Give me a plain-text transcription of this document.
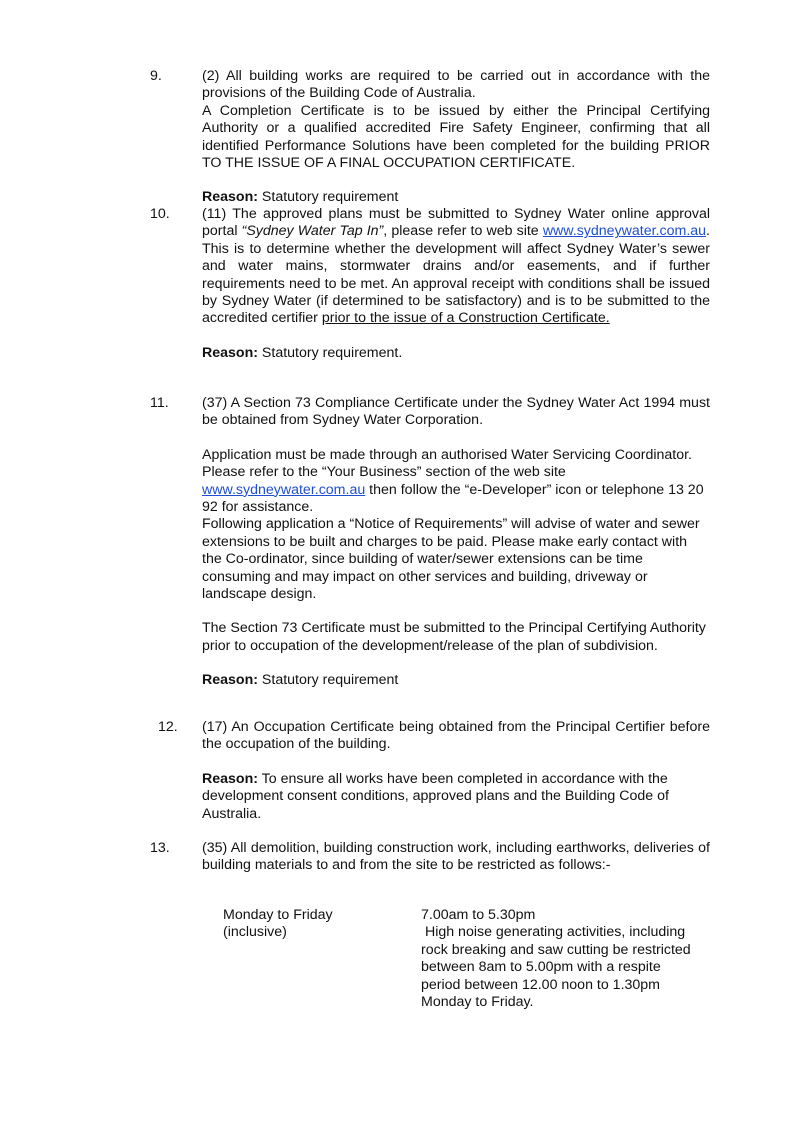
9.	(2) All building works are required to be carried out in accordance with the provisions of the Building Code of Australia.

A Completion Certificate is to be issued by either the Principal Certifying Authority or a qualified accredited Fire Safety Engineer, confirming that all identified Performance Solutions have been completed for the building PRIOR TO THE ISSUE OF A FINAL OCCUPATION CERTIFICATE.

Reason: Statutory requirement

10.	(11) The approved plans must be submitted to Sydney Water online approval portal “Sydney Water Tap In”, please refer to web site www.sydneywater.com.au. This is to determine whether the development will affect Sydney Water’s sewer and water mains, stormwater drains and/or easements, and if further requirements need to be met. An approval receipt with conditions shall be issued by Sydney Water (if determined to be satisfactory) and is to be submitted to the accredited certifier prior to the issue of a Construction Certificate.

Reason: Statutory requirement.

11.	(37) A Section 73 Compliance Certificate under the Sydney Water Act 1994 must be obtained from Sydney Water Corporation.

Application must be made through an authorised Water Servicing Coordinator. Please refer to the “Your Business” section of the web site www.sydneywater.com.au then follow the “e-Developer” icon or telephone 13 20 92 for assistance.

Following application a “Notice of Requirements” will advise of water and sewer extensions to be built and charges to be paid. Please make early contact with the Co-ordinator, since building of water/sewer extensions can be time consuming and may impact on other services and building, driveway or landscape design.

The Section 73 Certificate must be submitted to the Principal Certifying Authority prior to occupation of the development/release of the plan of subdivision.

Reason: Statutory requirement

12.	(17) An Occupation Certificate being obtained from the Principal Certifier before the occupation of the building.

Reason: To ensure all works have been completed in accordance with the development consent conditions, approved plans and the Building Code of Australia.

13.	(35) All demolition, building construction work, including earthworks, deliveries of building materials to and from the site to be restricted as follows:-

Monday to Friday	7.00am to 5.30pm
(inclusive)	High noise generating activities, including
rock breaking and saw cutting be restricted
between 8am to 5.00pm with a respite
period between 12.00 noon to 1.30pm
Monday to Friday.
